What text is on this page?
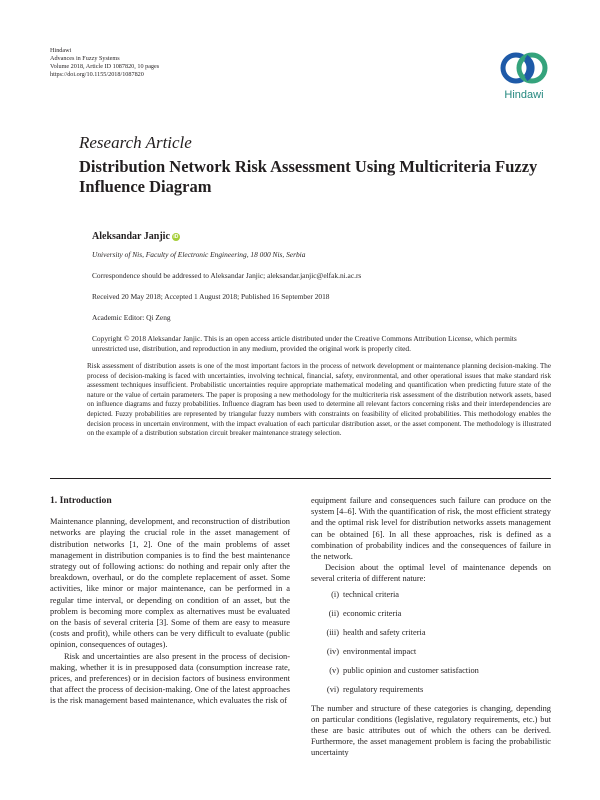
Hindawi
Advances in Fuzzy Systems
Volume 2018, Article ID 1087820, 10 pages
https://doi.org/10.1155/2018/1087820
Hindawi
Research Article
Distribution Network Risk Assessment Using Multicriteria Fuzzy Influence Diagram
Aleksandar Janjic iD
University of Nis, Faculty of Electronic Engineering, 18 000 Nis, Serbia
Correspondence should be addressed to Aleksandar Janjic; aleksandar.janjic@elfak.ni.ac.rs
Received 20 May 2018; Accepted 1 August 2018; Published 16 September 2018
Academic Editor: Qi Zeng
Copyright © 2018 Aleksandar Janjic. This is an open access article distributed under the Creative Commons Attribution License, which permits unrestricted use, distribution, and reproduction in any medium, provided the original work is properly cited.
Risk assessment of distribution assets is one of the most important factors in the process of network development or maintenance planning decision-making. The process of decision-making is faced with uncertainties, involving technical, financial, safety, environmental, and other operational issues that make standard risk assessment techniques insufficient. Probabilistic uncertainties require appropriate mathematical modeling and quantification when predicting future state of the nature or the value of certain parameters. The paper is proposing a new methodology for the multicriteria risk assessment of the distribution network assets, based on influence diagrams and fuzzy probabilities. Influence diagram has been used to determine all relevant factors concerning risks and their interdependencies are depicted. Fuzzy probabilities are represented by triangular fuzzy numbers with constraints on feasibility of elicited probabilities. This methodology enables the decision process in uncertain environment, with the impact evaluation of each particular distribution asset, or the asset component. The methodology is illustrated on the example of a distribution substation circuit breaker maintenance strategy selection.
1. Introduction

Maintenance planning, development, and reconstruction of distribution networks are playing the crucial role in the asset management of distribution networks [1, 2]. One of the main problems of asset management in distribution companies is to find the best maintenance strategy out of following actions: do nothing and repair only after the breakdown, overhaul, or do the complete replacement of asset. Some activities, like minor or major maintenance, can be performed in a regular time interval, or depending on condition of an asset, but the problem is becoming more complex as alternatives must be evaluated on the basis of several criteria [3]. Some of them are easy to measure (costs and profit), while others can be very difficult to evaluate (public opinion, consequences of outages).

Risk and uncertainties are also present in the process of decision-making, whether it is in presupposed data (consumption increase rate, prices, and preferences) or in decision factors of business environment that affect the process of decision-making. One of the latest approaches is the risk management based maintenance, which evaluates the risk of

equipment failure and consequences such failure can produce on the system [4–6]. With the quantification of risk, the most efficient strategy and the optimal risk level for distribution networks assets management can be obtained [6]. In all these approaches, risk is defined as a combination of probability indices and the consequences of failure in the network.

Decision about the optimal level of maintenance depends on several criteria of different nature:

(i) technical criteria
(ii) economic criteria
(iii) health and safety criteria
(iv) environmental impact
(v) public opinion and customer satisfaction
(vi) regulatory requirements

The number and structure of these categories is changing, depending on particular conditions (legislative, regulatory requirements, etc.) but these are basic attributes out of which the others can be derived. Furthermore, the asset management problem is facing the probabilistic uncertainty
